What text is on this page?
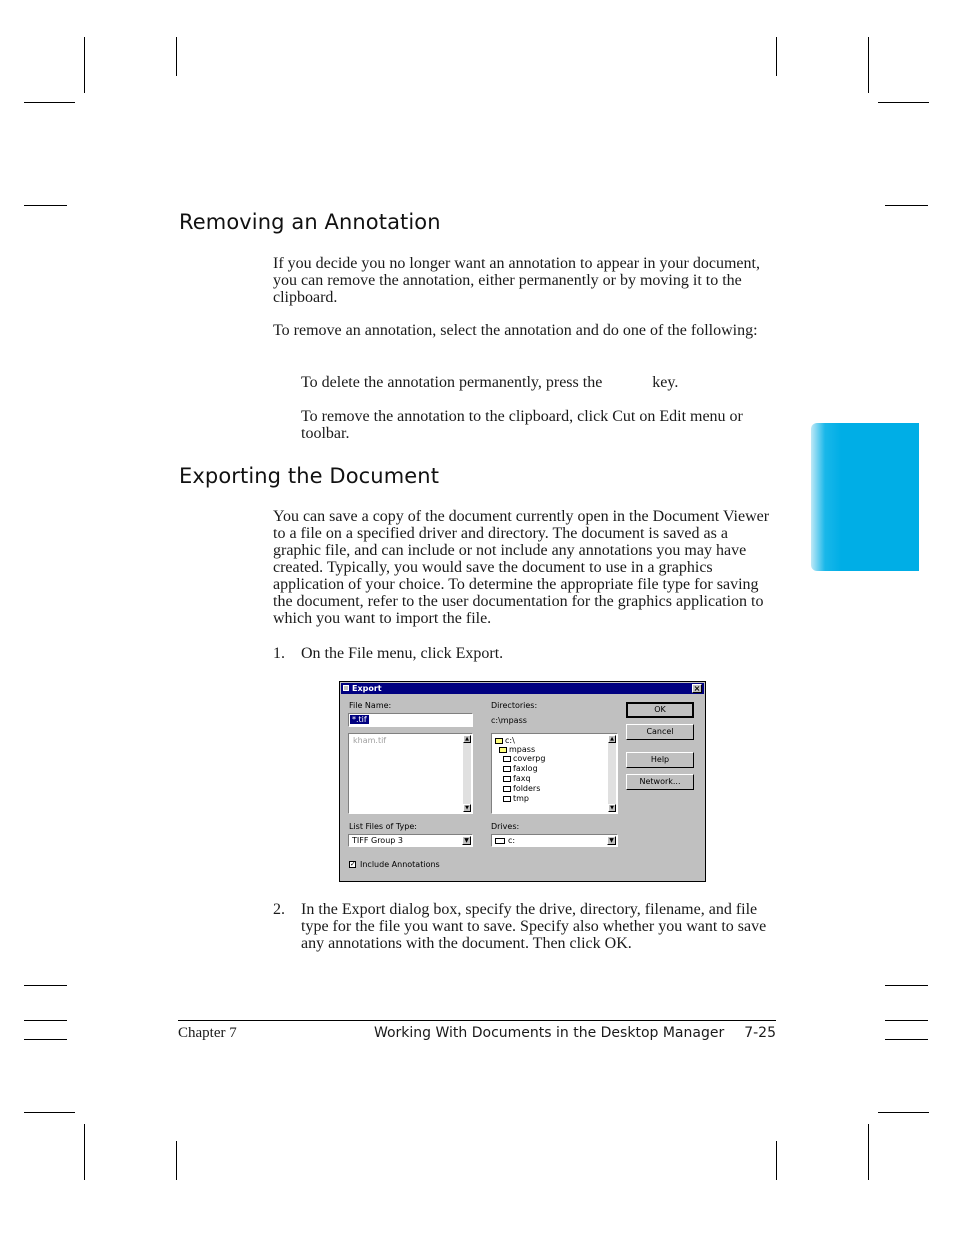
Removing an Annotation

If you decide you no longer want an annotation to appear in your document, you can remove the annotation, either permanently or by moving it to the clipboard.

To remove an annotation, select the annotation and do one of the following:

To delete the annotation permanently, press the	key.

To remove the annotation to the clipboard, click Cut on Edit menu or toolbar.

Exporting the Document

You can save a copy of the document currently open in the Document Viewer to a file on a specified driver and directory. The document is saved as a graphic file, and can include or not include any annotations you may have created. Typically, you would save the document to use in a graphics application of your choice. To determine the appropriate file type for saving the document, refer to the user documentation for the graphics application to which you want to import the file.

1. On the File menu, click Export.

Export	×
File Name:
*.tif
kham.tif	▲
▼
Directories:
c:\mpass
c:\
mpass
coverpg
faxlog
faxq
folders
tmp
▲
▼
OK
Cancel
Help
Network...
List Files of Type:
TIFF Group 3	▼
Drives:
c:	▼
✓ Include Annotations

2. In the Export dialog box, specify the drive, directory, filename, and file type for the file you want to save. Specify also whether you want to save any annotations with the document. Then click OK.

Chapter 7	Working With Documents in the Desktop Manager 7-25
